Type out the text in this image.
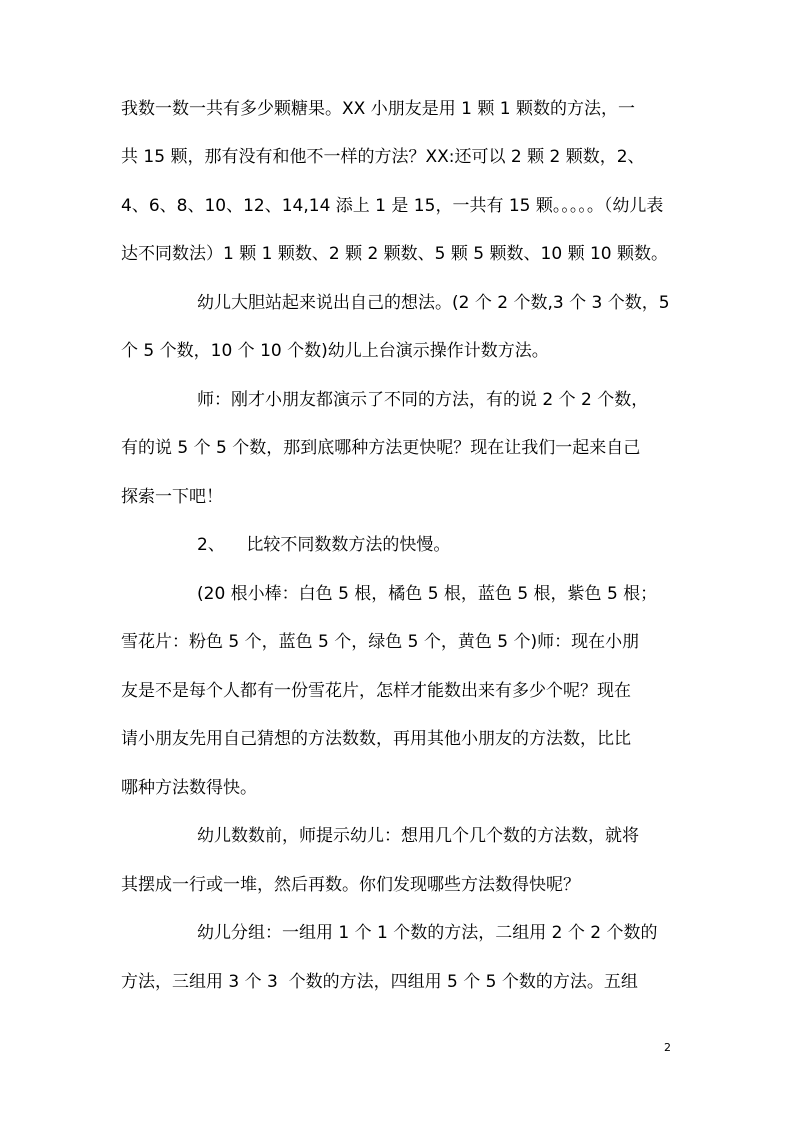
我数一数一共有多少颗糖果。XX 小朋友是用 1 颗 1 颗数的方法，一

共 15 颗，那有没有和他不一样的方法？XX:还可以 2 颗 2 颗数，2、

4、6、8、10、12、14,14 添上 1 是 15，一共有 15 颗。。。。。（幼儿表

达不同数法）1 颗 1 颗数、2 颗 2 颗数、5 颗 5 颗数、10 颗 10 颗数。

幼儿大胆站起来说出自己的想法。(2 个 2 个数,3 个 3 个数，5

个 5 个数，10 个 10 个数)幼儿上台演示操作计数方法。

师：刚才小朋友都演示了不同的方法，有的说 2 个 2 个数，

有的说 5 个 5 个数，那到底哪种方法更快呢？现在让我们一起来自己

探索一下吧！

2、    比较不同数数方法的快慢。

(20 根小棒：白色 5 根，橘色 5 根，蓝色 5 根，紫色 5 根；

雪花片：粉色 5 个，蓝色 5 个，绿色 5 个，黄色 5 个)师：现在小朋

友是不是每个人都有一份雪花片，怎样才能数出来有多少个呢？现在

请小朋友先用自己猜想的方法数数，再用其他小朋友的方法数，比比

哪种方法数得快。

幼儿数数前，师提示幼儿：想用几个几个数的方法数，就将

其摆成一行或一堆，然后再数。你们发现哪些方法数得快呢？

幼儿分组：一组用 1 个 1 个数的方法，二组用 2 个 2 个数的

方法，三组用 3 个 3  个数的方法，四组用 5 个 5 个数的方法。五组

2
